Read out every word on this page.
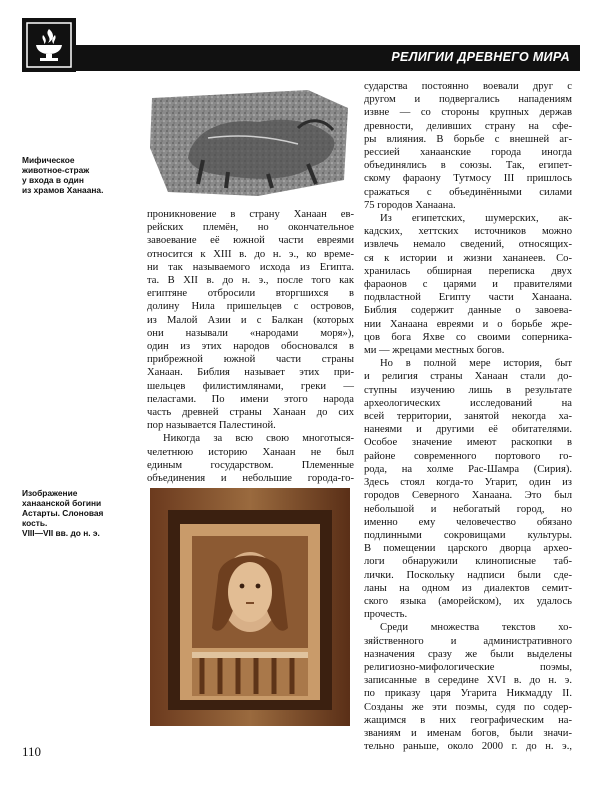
РЕЛИГИИ ДРЕВНЕГО МИРА
Мифическое
животное-страж
у входа в один
из храмов Ханаана.
Изображение
ханаанской богини
Астарты. Слоновая
кость.
VIII—VII вв. до н. э.
проникновение в страну Ханаан ев-
рейских племён, но окончательное
завоевание её южной части евреями
относится к XIII в. до н. э., ко време-
ни так называемого исхода из Египта.
та. В XII в. до н. э., после того как
египтяне отбросили вторгшихся в
долину Нила пришельцев с островов,
из Малой Азии и с Балкан (которых
они называли «народами моря»),
один из этих народов обосновался в
прибрежной южной части страны
Ханаан. Библия называет этих при-
шельцев филистимлянами, греки —
пеласгами. По имени этого народа
часть древней страны Ханаан до сих
пор называется Палестиной.
Никогда за всю свою многотыся-
челетнюю историю Ханаан не был
единым государством. Племенные
объединения и небольшие города-го-
сударства постоянно воевали друг с
другом и подвергались нападениям
извне — со стороны крупных держав
древности, деливших страну на сфе-
ры влияния. В борьбе с внешней аг-
рессией ханаанские города иногда
объединялись в союзы. Так, египет-
скому фараону Тутмосу III пришлось
сражаться с объединёнными силами
75 городов Ханаана.
Из египетских, шумерских, ак-
кадских, хеттских источников можно
извлечь немало сведений, относящих-
ся к истории и жизни хананеев. Со-
хранилась обширная переписка двух
фараонов с царями и правителями
подвластной Египту части Ханаана.
Библия содержит данные о завоева-
нии Ханаана евреями и о борьбе жре-
цов бога Яхве со своими соперника-
ми — жрецами местных богов.
Но в полной мере история, быт
и религия страны Ханаан стали до-
ступны изучению лишь в результате
археологических исследований на
всей территории, занятой некогда ха-
нанеями и другими её обитателями.
Особое значение имеют раскопки в
районе современного портового го-
рода, на холме Рас-Шамра (Сирия).
Здесь стоял когда-то Угарит, один из
городов Северного Ханаана. Это был
небольшой и небогатый город, но
именно ему человечество обязано
подлинными сокровищами культуры.
В помещении царского дворца археo-
логи обнаружили клинописные таб-
лички. Поскольку надписи были сде-
ланы на одном из диалектов семит-
ского языка (аморейском), их удалось
прочесть.
Среди множества текстов хо-
зяйственного и административного
назначения сразу же были выделены
религиозно-мифологические поэмы,
записанные в середине XVI в. до н. э.
по приказу царя Угарита Никмадду II.
Созданы же эти поэмы, судя по содер-
жащимся в них географическим на-
званиям и именам богов, были значи-
тельно раньше, около 2000 г. до н. э.,
110
